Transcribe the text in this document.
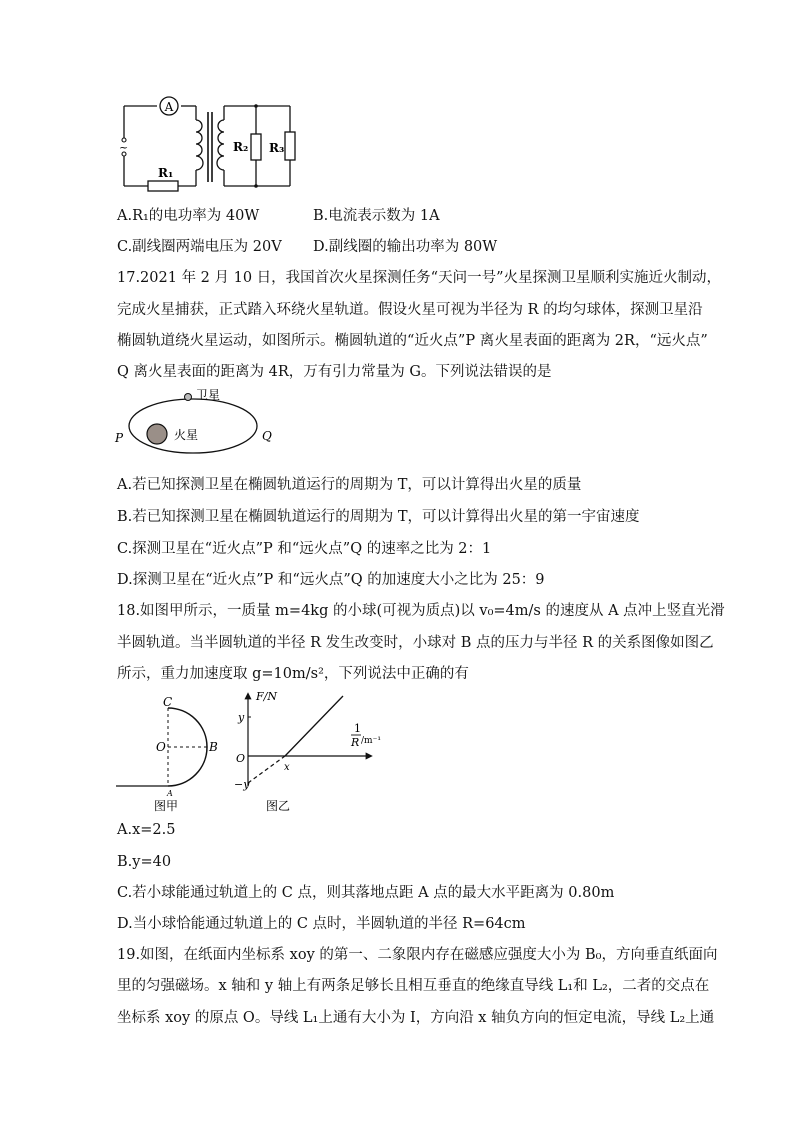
A
~	R₂ R₃
R₁
A.R₁的电功率为 40W	B.电流表示数为 1A
C.副线圈两端电压为 20V D.副线圈的输出功率为 80W
17.2021 年 2 月 10 日，我国首次火星探测任务“天问一号”火星探测卫星顺利实施近火制动，
完成火星捕获，正式踏入环绕火星轨道。假设火星可视为半径为 R 的均匀球体，探测卫星沿
椭圆轨道绕火星运动，如图所示。椭圆轨道的“近火点”P 离火星表面的距离为 2R，“远火点”
Q 离火星表面的距离为 4R，万有引力常量为 G。下列说法错误的是
卫星
火星
P	Q
A.若已知探测卫星在椭圆轨道运行的周期为 T，可以计算得出火星的质量
B.若已知探测卫星在椭圆轨道运行的周期为 T，可以计算得出火星的第一宇宙速度
C.探测卫星在“近火点”P 和“远火点”Q 的速率之比为 2：1
D.探测卫星在“近火点”P 和“远火点”Q 的加速度大小之比为 25：9
18.如图甲所示，一质量 m=4kg 的小球(可视为质点)以 v₀=4m/s 的速度从 A 点冲上竖直光滑
半圆轨道。当半圆轨道的半径 R 发生改变时，小球对 B 点的压力与半径 R 的关系图像如图乙
所示，重力加速度取 g=10m/s²，下列说法中正确的有
C
O	B
A
图甲
F/N
y
−y
O
x
1
R /m⁻¹
图乙
A.x=2.5
B.y=40
C.若小球能通过轨道上的 C 点，则其落地点距 A 点的最大水平距离为 0.80m
D.当小球恰能通过轨道上的 C 点时，半圆轨道的半径 R=64cm
19.如图，在纸面内坐标系 xoy 的第一、二象限内存在磁感应强度大小为 B₀，方向垂直纸面向
里的匀强磁场。x 轴和 y 轴上有两条足够长且相互垂直的绝缘直导线 L₁和 L₂，二者的交点在
坐标系 xoy 的原点 O。导线 L₁上通有大小为 I，方向沿 x 轴负方向的恒定电流，导线 L₂上通
